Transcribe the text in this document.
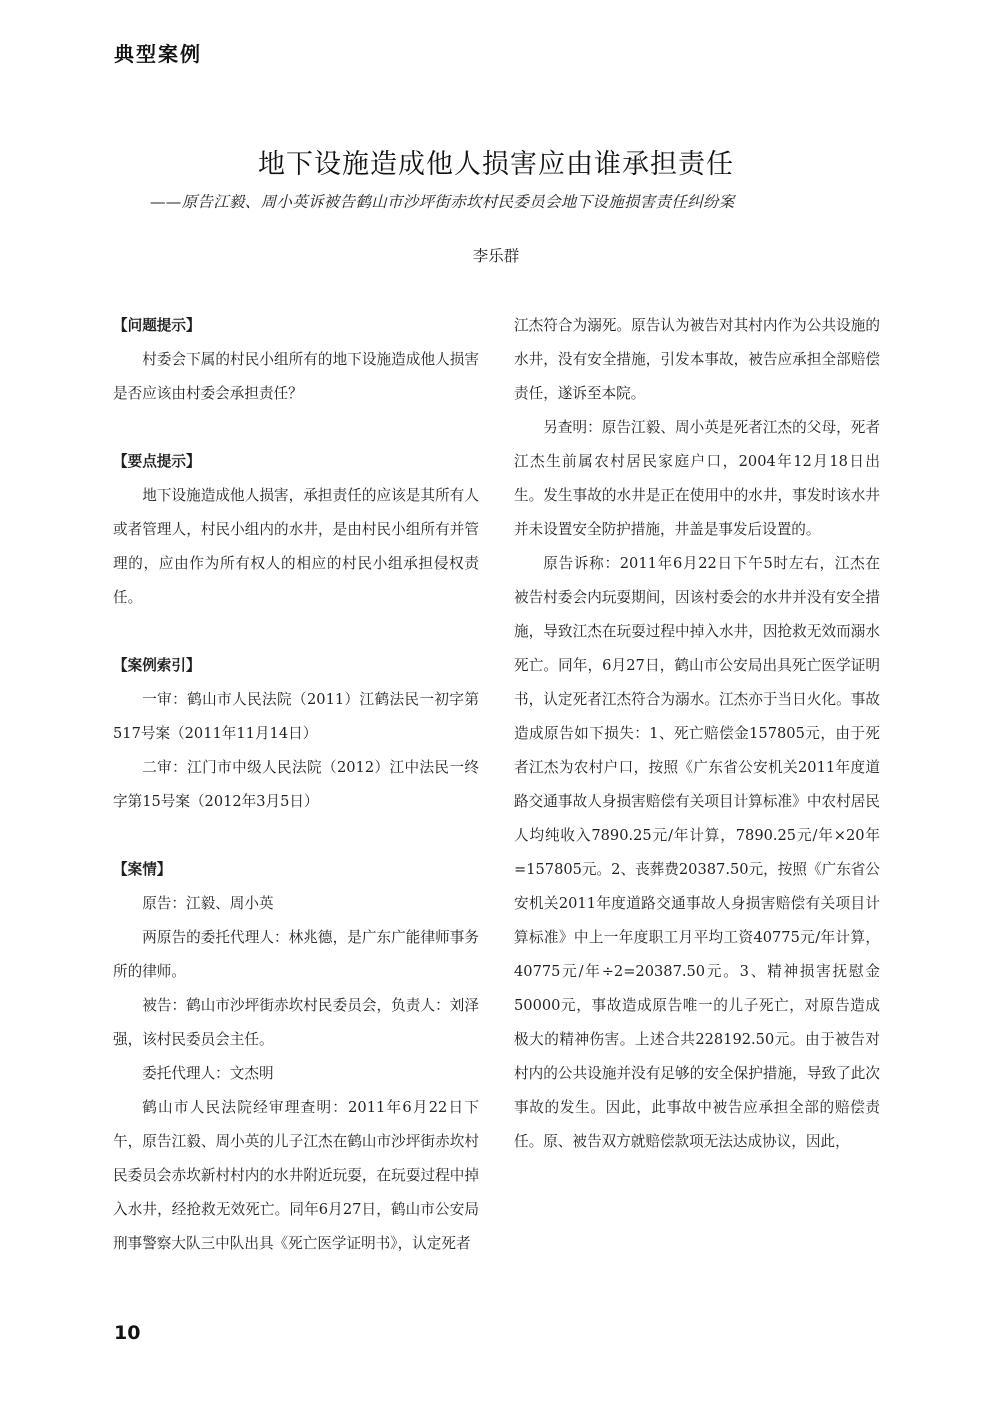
典型案例
地下设施造成他人损害应由谁承担责任
——原告江毅、周小英诉被告鹤山市沙坪街赤坎村民委员会地下设施损害责任纠纷案
李乐群

【问题提示】

村委会下属的村民小组所有的地下设施造成他人损害是否应该由村委会承担责任？

【要点提示】

地下设施造成他人损害，承担责任的应该是其所有人或者管理人，村民小组内的水井，是由村民小组所有并管理的，应由作为所有权人的相应的村民小组承担侵权责任。

【案例索引】

一审：鹤山市人民法院（2011）江鹤法民一初字第517号案（2011年11月14日）

二审：江门市中级人民法院（2012）江中法民一终字第15号案（2012年3月5日）

【案情】

原告：江毅、周小英

两原告的委托代理人：林兆德，是广东广能律师事务所的律师。

被告：鹤山市沙坪街赤坎村民委员会，负责人：刘泽强，该村民委员会主任。

委托代理人：文杰明

鹤山市人民法院经审理查明：2011年6月22日下午，原告江毅、周小英的儿子江杰在鹤山市沙坪街赤坎村民委员会赤坎新村村内的水井附近玩耍，在玩耍过程中掉入水井，经抢救无效死亡。同年6月27日，鹤山市公安局刑事警察大队三中队出具《死亡医学证明书》，认定死者

江杰符合为溺死。原告认为被告对其村内作为公共设施的水井，没有安全措施，引发本事故，被告应承担全部赔偿责任，遂诉至本院。

另查明：原告江毅、周小英是死者江杰的父母，死者江杰生前属农村居民家庭户口，2004年12月18日出生。发生事故的水井是正在使用中的水井，事发时该水井并未设置安全防护措施，井盖是事发后设置的。

原告诉称：2011年6月22日下午5时左右，江杰在被告村委会内玩耍期间，因该村委会的水井并没有安全措施，导致江杰在玩耍过程中掉入水井，因抢救无效而溺水死亡。同年，6月27日，鹤山市公安局出具死亡医学证明书，认定死者江杰符合为溺水。江杰亦于当日火化。事故造成原告如下损失：1、死亡赔偿金157805元，由于死者江杰为农村户口，按照《广东省公安机关2011年度道路交通事故人身损害赔偿有关项目计算标准》中农村居民人均纯收入7890.25元/年计算，7890.25元/年×20年=157805元。2、丧葬费20387.50元，按照《广东省公安机关2011年度道路交通事故人身损害赔偿有关项目计算标准》中上一年度职工月平均工资40775元/年计算，40775元/年÷2=20387.50元。3、精神损害抚慰金50000元，事故造成原告唯一的儿子死亡，对原告造成极大的精神伤害。上述合共228192.50元。由于被告对村内的公共设施并没有足够的安全保护措施，导致了此次事故的发生。因此，此事故中被告应承担全部的赔偿责任。原、被告双方就赔偿款项无法达成协议，因此，

10
